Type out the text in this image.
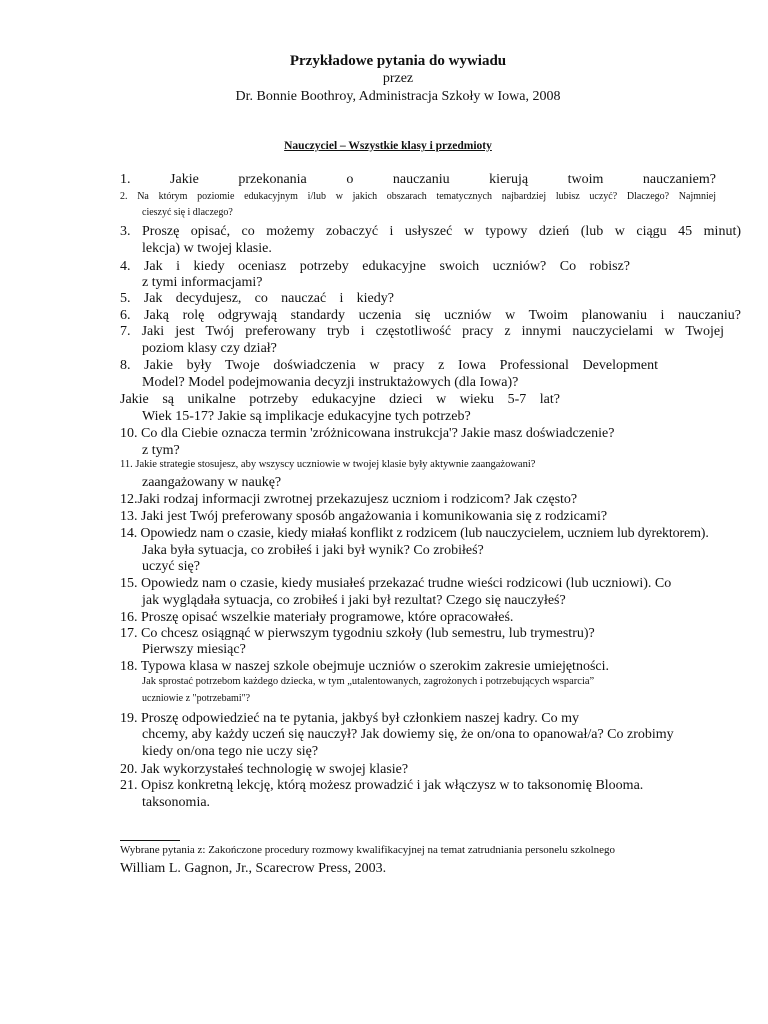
Przykładowe pytania do wywiadu
przez
Dr. Bonnie Boothroy, Administracja Szkoły w Iowa, 2008
Nauczyciel – Wszystkie klasy i przedmioty
1. Jakie przekonania o nauczaniu kierują twoim nauczaniem?
2. Na którym poziomie edukacyjnym i/lub w jakich obszarach tematycznych najbardziej lubisz uczyć? Dlaczego? Najmniej
cieszyć się i dlaczego?
3. Proszę opisać, co możemy zobaczyć i usłyszeć w typowy dzień (lub w ciągu 45 minut)
lekcja) w twojej klasie.
4. Jak i kiedy oceniasz potrzeby edukacyjne swoich uczniów? Co robisz?
z tymi informacjami?
5. Jak decydujesz, co nauczać i kiedy?
6. Jaką rolę odgrywają standardy uczenia się uczniów w Twoim planowaniu i nauczaniu?
7. Jaki jest Twój preferowany tryb i częstotliwość pracy z innymi nauczycielami w Twojej
poziom klasy czy dział?
8. Jakie były Twoje doświadczenia w pracy z Iowa Professional Development
Model? Model podejmowania decyzji instruktażowych (dla Iowa)?
Jakie są unikalne potrzeby edukacyjne dzieci w wieku 5-7 lat?
Wiek 15-17? Jakie są implikacje edukacyjne tych potrzeb?
10. Co dla Ciebie oznacza termin 'zróżnicowana instrukcja'? Jakie masz doświadczenie?
z tym?
11. Jakie strategie stosujesz, aby wszyscy uczniowie w twojej klasie były aktywnie zaangażowani?
zaangażowany w naukę?
12.Jaki rodzaj informacji zwrotnej przekazujesz uczniom i rodzicom? Jak często?
13. Jaki jest Twój preferowany sposób angażowania i komunikowania się z rodzicami?
14. Opowiedz nam o czasie, kiedy miałaś konflikt z rodzicem (lub nauczycielem, uczniem lub dyrektorem).
Jaka była sytuacja, co zrobiłeś i jaki był wynik? Co zrobiłeś?
uczyć się?
15. Opowiedz nam o czasie, kiedy musiałeś przekazać trudne wieści rodzicowi (lub uczniowi). Co
jak wyglądała sytuacja, co zrobiłeś i jaki był rezultat? Czego się nauczyłeś?
16. Proszę opisać wszelkie materiały programowe, które opracowałeś.
17. Co chcesz osiągnąć w pierwszym tygodniu szkoły (lub semestru, lub trymestru)?
Pierwszy miesiąc?
18. Typowa klasa w naszej szkole obejmuje uczniów o szerokim zakresie umiejętności.
Jak sprostać potrzebom każdego dziecka, w tym „utalentowanych, zagrożonych i potrzebujących wsparcia”
uczniowie z "potrzebami"?
19. Proszę odpowiedzieć na te pytania, jakbyś był członkiem naszej kadry. Co my
chcemy, aby każdy uczeń się nauczył? Jak dowiemy się, że on/ona to opanował/a? Co zrobimy
kiedy on/ona tego nie uczy się?
20. Jak wykorzystałeś technologię w swojej klasie?
21. Opisz konkretną lekcję, którą możesz prowadzić i jak włączysz w to taksonomię Blooma.
taksonomia.
Wybrane pytania z: Zakończone procedury rozmowy kwalifikacyjnej na temat zatrudniania personelu szkolnego
William L. Gagnon, Jr., Scarecrow Press, 2003.
